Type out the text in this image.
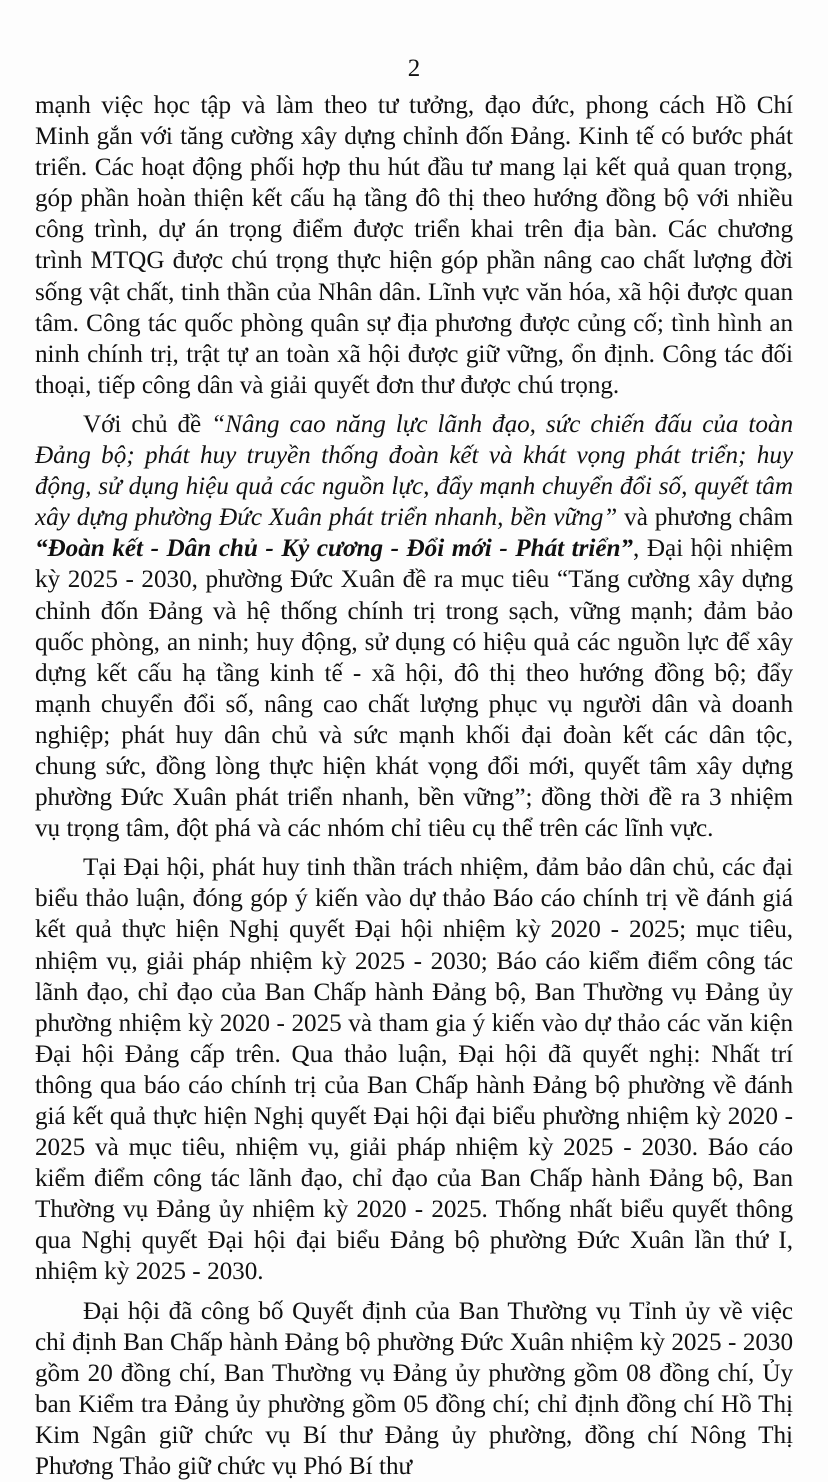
2

mạnh việc học tập và làm theo tư tưởng, đạo đức, phong cách Hồ Chí Minh gắn với tăng cường xây dựng chỉnh đốn Đảng. Kinh tế có bước phát triển. Các hoạt động phối hợp thu hút đầu tư mang lại kết quả quan trọng, góp phần hoàn thiện kết cấu hạ tầng đô thị theo hướng đồng bộ với nhiều công trình, dự án trọng điểm được triển khai trên địa bàn. Các chương trình MTQG được chú trọng thực hiện góp phần nâng cao chất lượng đời sống vật chất, tinh thần của Nhân dân. Lĩnh vực văn hóa, xã hội được quan tâm. Công tác quốc phòng quân sự địa phương được củng cố; tình hình an ninh chính trị, trật tự an toàn xã hội được giữ vững, ổn định. Công tác đối thoại, tiếp công dân và giải quyết đơn thư được chú trọng.

Với chủ đề “Nâng cao năng lực lãnh đạo, sức chiến đấu của toàn Đảng bộ; phát huy truyền thống đoàn kết và khát vọng phát triển; huy động, sử dụng hiệu quả các nguồn lực, đẩy mạnh chuyển đổi số, quyết tâm xây dựng phường Đức Xuân phát triển nhanh, bền vững” và phương châm “Đoàn kết - Dân chủ - Kỷ cương - Đổi mới - Phát triển”, Đại hội nhiệm kỳ 2025 - 2030, phường Đức Xuân đề ra mục tiêu “Tăng cường xây dựng chỉnh đốn Đảng và hệ thống chính trị trong sạch, vững mạnh; đảm bảo quốc phòng, an ninh; huy động, sử dụng có hiệu quả các nguồn lực để xây dựng kết cấu hạ tầng kinh tế - xã hội, đô thị theo hướng đồng bộ; đẩy mạnh chuyển đổi số, nâng cao chất lượng phục vụ người dân và doanh nghiệp; phát huy dân chủ và sức mạnh khối đại đoàn kết các dân tộc, chung sức, đồng lòng thực hiện khát vọng đổi mới, quyết tâm xây dựng phường Đức Xuân phát triển nhanh, bền vững”; đồng thời đề ra 3 nhiệm vụ trọng tâm, đột phá và các nhóm chỉ tiêu cụ thể trên các lĩnh vực.

Tại Đại hội, phát huy tinh thần trách nhiệm, đảm bảo dân chủ, các đại biểu thảo luận, đóng góp ý kiến vào dự thảo Báo cáo chính trị về đánh giá kết quả thực hiện Nghị quyết Đại hội nhiệm kỳ 2020 - 2025; mục tiêu, nhiệm vụ, giải pháp nhiệm kỳ 2025 - 2030; Báo cáo kiểm điểm công tác lãnh đạo, chỉ đạo của Ban Chấp hành Đảng bộ, Ban Thường vụ Đảng ủy phường nhiệm kỳ 2020 - 2025 và tham gia ý kiến vào dự thảo các văn kiện Đại hội Đảng cấp trên. Qua thảo luận, Đại hội đã quyết nghị: Nhất trí thông qua báo cáo chính trị của Ban Chấp hành Đảng bộ phường về đánh giá kết quả thực hiện Nghị quyết Đại hội đại biểu phường nhiệm kỳ 2020 - 2025 và mục tiêu, nhiệm vụ, giải pháp nhiệm kỳ 2025 - 2030. Báo cáo kiểm điểm công tác lãnh đạo, chỉ đạo của Ban Chấp hành Đảng bộ, Ban Thường vụ Đảng ủy nhiệm kỳ 2020 - 2025. Thống nhất biểu quyết thông qua Nghị quyết Đại hội đại biểu Đảng bộ phường Đức Xuân lần thứ I, nhiệm kỳ 2025 - 2030.

Đại hội đã công bố Quyết định của Ban Thường vụ Tỉnh ủy về việc chỉ định Ban Chấp hành Đảng bộ phường Đức Xuân nhiệm kỳ 2025 - 2030 gồm 20 đồng chí, Ban Thường vụ Đảng ủy phường gồm 08 đồng chí, Ủy ban Kiểm tra Đảng ủy phường gồm 05 đồng chí; chỉ định đồng chí Hồ Thị Kim Ngân giữ chức vụ Bí thư Đảng ủy phường, đồng chí Nông Thị Phương Thảo giữ chức vụ Phó Bí thư
